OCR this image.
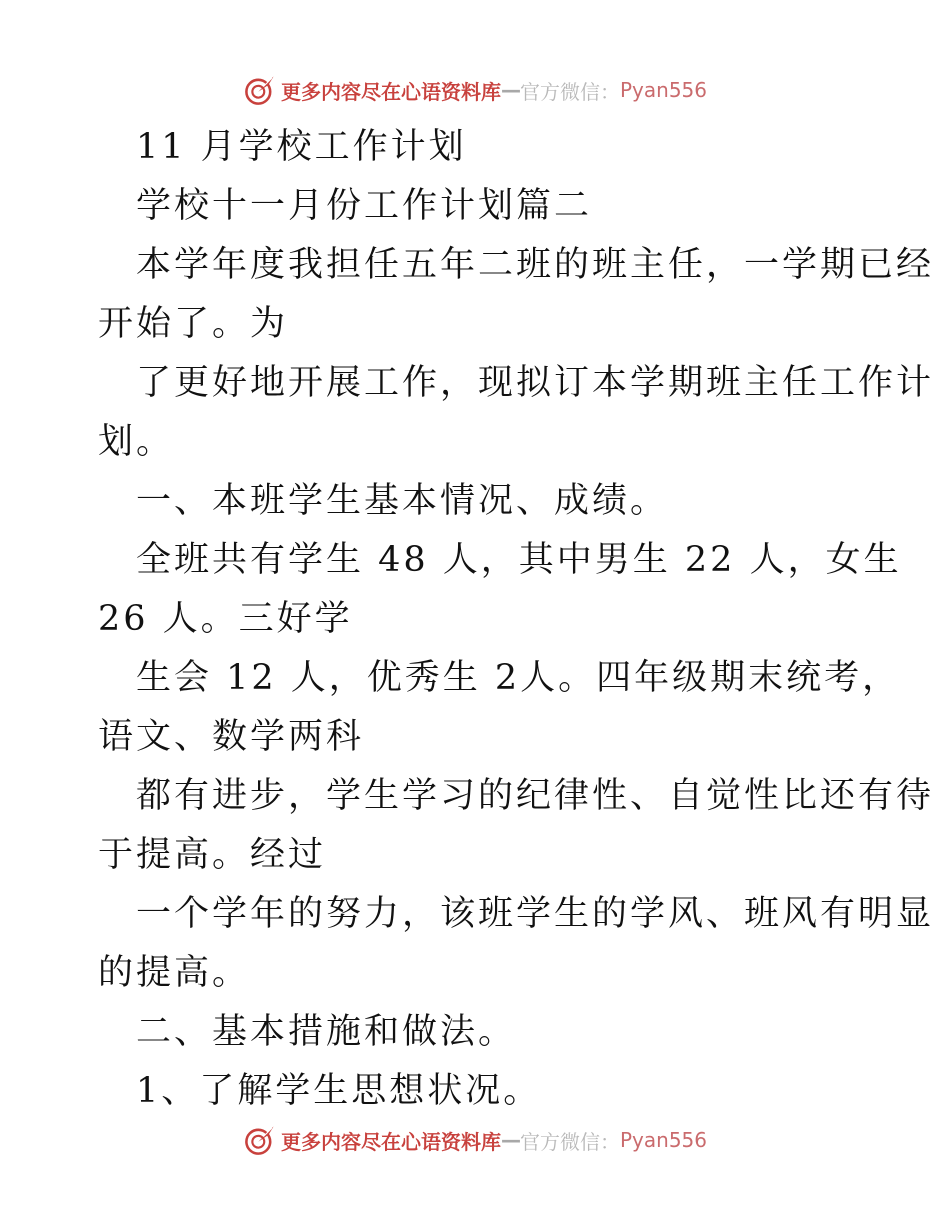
更多内容尽在心语资料库 — 官方微信： Pyan556
11 月学校工作计划
学校十一月份工作计划篇二
本学年度我担任五年二班的班主任，一学期已经
开始了。为
了更好地开展工作，现拟订本学期班主任工作计
划。
一、本班学生基本情况、成绩。
全班共有学生 48 人，其中男生 22 人，女生
26 人。三好学
生会 12 人，优秀生 2人。四年级期末统考，
语文、数学两科
都有进步，学生学习的纪律性、自觉性比还有待
于提高。经过
一个学年的努力，该班学生的学风、班风有明显
的提高。
二、基本措施和做法。
1、了解学生思想状况。
更多内容尽在心语资料库 — 官方微信： Pyan556
